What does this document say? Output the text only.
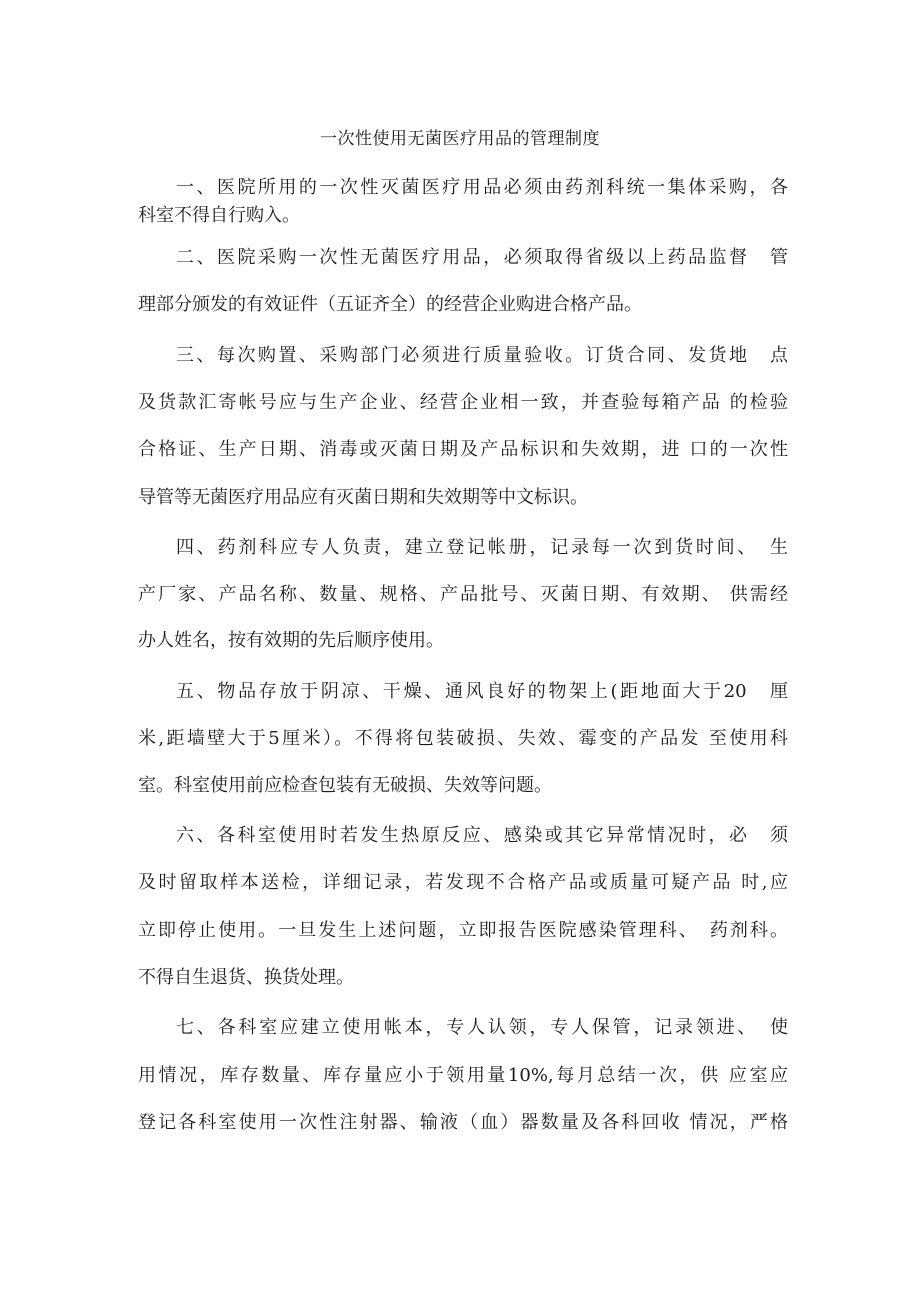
一次性使用无菌医疗用品的管理制度

一、医院所用的一次性灭菌医疗用品必须由药剂科统一集体采购，各

科室不得自行购入。

二、医院采购一次性无菌医疗用品，必须取得省级以上药品监督　管

理部分颁发的有效证件（五证齐全）的经营企业购进合格产品。

三、每次购置、采购部门必须进行质量验收。订货合同、发货地　点

及货款汇寄帐号应与生产企业、经营企业相一致，并查验每箱产品 的检验

合格证、生产日期、消毒或灭菌日期及产品标识和失效期，进 口的一次性

导管等无菌医疗用品应有灭菌日期和失效期等中文标识。

四、药剂科应专人负责，建立登记帐册，记录每一次到货时间、　生

产厂家、产品名称、数量、规格、产品批号、灭菌日期、有效期、 供需经

办人姓名，按有效期的先后顺序使用。

五、物品存放于阴凉、干燥、通风良好的物架上(距地面大于20　厘

米,距墙壁大于5厘米）。不得将包装破损、失效、霉变的产品发 至使用科

室。科室使用前应检查包装有无破损、失效等问题。

六、各科室使用时若发生热原反应、感染或其它异常情况时，必　须

及时留取样本送检，详细记录，若发现不合格产品或质量可疑产品 时,应

立即停止使用。一旦发生上述问题，立即报告医院感染管理科、　药剂科。

不得自生退货、换货处理。

七、各科室应建立使用帐本，专人认领，专人保管，记录领进、　使

用情况，库存数量、库存量应小于领用量10%,每月总结一次，供 应室应

登记各科室使用一次性注射器、输液（血）器数量及各科回收 情况，严格
